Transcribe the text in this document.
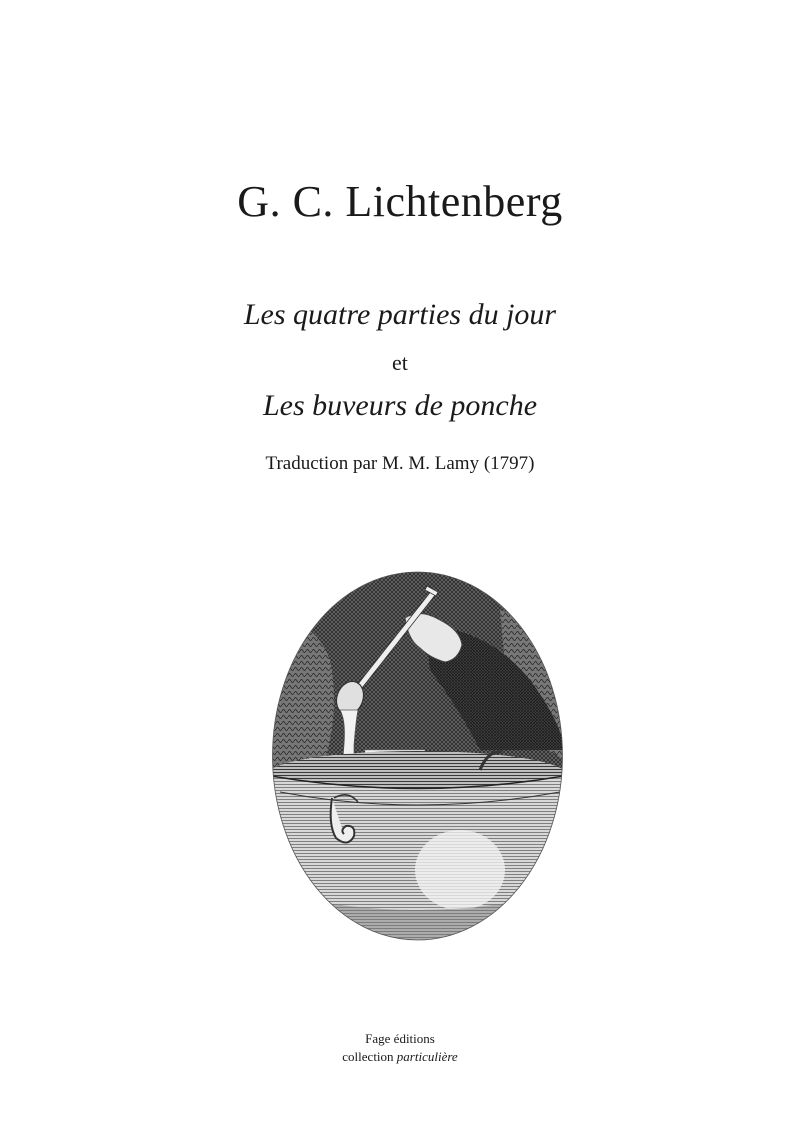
G. C. Lichtenberg
Les quatre parties du jour
et
Les buveurs de ponche
Traduction par M. M. Lamy (1797)
Fage éditions
collection particulière
